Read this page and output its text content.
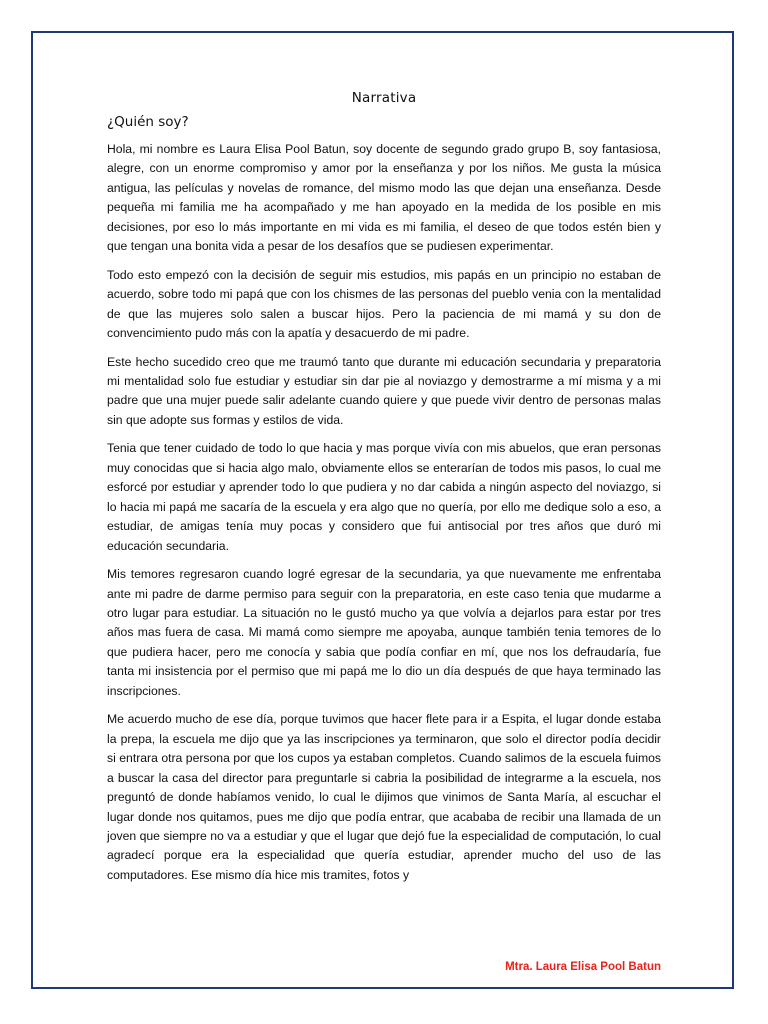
Narrativa
¿Quién soy?

Hola, mi nombre es Laura Elisa Pool Batun, soy docente de segundo grado grupo B, soy fantasiosa, alegre, con un enorme compromiso y amor por la enseñanza y por los niños. Me gusta la música antigua, las películas y novelas de romance, del mismo modo las que dejan una enseñanza. Desde pequeña mi familia me ha acompañado y me han apoyado en la medida de los posible en mis decisiones, por eso lo más importante en mi vida es mi familia, el deseo de que todos estén bien y que tengan una bonita vida a pesar de los desafíos que se pudiesen experimentar.

Todo esto empezó con la decisión de seguir mis estudios, mis papás en un principio no estaban de acuerdo, sobre todo mi papá que con los chismes de las personas del pueblo venia con la mentalidad de que las mujeres solo salen a buscar hijos. Pero la paciencia de mi mamá y su don de convencimiento pudo más con la apatía y desacuerdo de mi padre.

Este hecho sucedido creo que me traumó tanto que durante mi educación secundaria y preparatoria mi mentalidad solo fue estudiar y estudiar sin dar pie al noviazgo y demostrarme a mí misma y a mi padre que una mujer puede salir adelante cuando quiere y que puede vivir dentro de personas malas sin que adopte sus formas y estilos de vida.

Tenia que tener cuidado de todo lo que hacia y mas porque vivía con mis abuelos, que eran personas muy conocidas que si hacia algo malo, obviamente ellos se enterarían de todos mis pasos, lo cual me esforcé por estudiar y aprender todo lo que pudiera y no dar cabida a ningún aspecto del noviazgo, si lo hacia mi papá me sacaría de la escuela y era algo que no quería, por ello me dedique solo a eso, a estudiar, de amigas tenía muy pocas y considero que fui antisocial por tres años que duró mi educación secundaria.

Mis temores regresaron cuando logré egresar de la secundaria, ya que nuevamente me enfrentaba ante mi padre de darme permiso para seguir con la preparatoria, en este caso tenia que mudarme a otro lugar para estudiar. La situación no le gustó mucho ya que volvía a dejarlos para estar por tres años mas fuera de casa. Mi mamá como siempre me apoyaba, aunque también tenia temores de lo que pudiera hacer, pero me conocía y sabia que podía confiar en mí, que nos los defraudaría, fue tanta mi insistencia por el permiso que mi papá me lo dio un día después de que haya terminado las inscripciones.

Me acuerdo mucho de ese día, porque tuvimos que hacer flete para ir a Espita, el lugar donde estaba la prepa, la escuela me dijo que ya las inscripciones ya terminaron, que solo el director podía decidir si entrara otra persona por que los cupos ya estaban completos. Cuando salimos de la escuela fuimos a buscar la casa del director para preguntarle si cabria la posibilidad de integrarme a la escuela, nos preguntó de donde habíamos venido, lo cual le dijimos que vinimos de Santa María, al escuchar el lugar donde nos quitamos, pues me dijo que podía entrar, que acababa de recibir una llamada de un joven que siempre no va a estudiar y que el lugar que dejó fue la especialidad de computación, lo cual agradecí porque era la especialidad que quería estudiar, aprender mucho del uso de las computadores. Ese mismo día hice mis tramites, fotos y

Mtra. Laura Elisa Pool Batun
